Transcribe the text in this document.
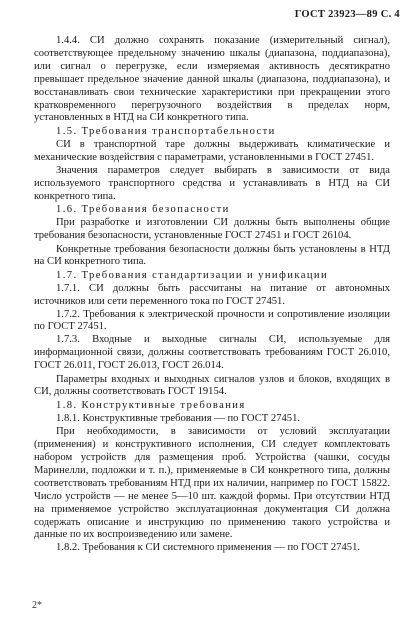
ГОСТ 23923—89 С. 4

1.4.4. СИ должно сохранять показание (измерительный сигнал), соответствующее предельному значению шкалы (диапазона, поддиапазона), или сигнал о перегрузке, если измеряемая активность десятикратно превышает предельное значение данной шкалы (диапазона, поддиапазона), и восстанавливать свои технические характеристики при прекращении этого кратковременного перегрузочного воздействия в пределах норм, установленных в НТД на СИ конкретного типа.

1.5. Требования транспортабельности

СИ в транспортной таре должны выдерживать климатические и механические воздействия с параметрами, установленными в ГОСТ 27451.

Значения параметров следует выбирать в зависимости от вида используемого транспортного средства и устанавливать в НТД на СИ конкретного типа.

1.6. Требования безопасности

При разработке и изготовлении СИ должны быть выполнены общие требования безопасности, установленные ГОСТ 27451 и ГОСТ 26104.

Конкретные требования безопасности должны быть установлены в НТД на СИ конкретного типа.

1.7. Требования стандартизации и унификации

1.7.1. СИ должны быть рассчитаны на питание от автономных источников или сети переменного тока по ГОСТ 27451.

1.7.2. Требования к электрической прочности и сопротивление изоляции по ГОСТ 27451.

1.7.3. Входные и выходные сигналы СИ, используемые для информационной связи, должны соответствовать требованиям ГОСТ 26.010, ГОСТ 26.011, ГОСТ 26.013, ГОСТ 26.014.

Параметры входных и выходных сигналов узлов и блоков, входящих в СИ, должны соответствовать ГОСТ 19154.

1.8. Конструктивные требования

1.8.1. Конструктивные требования — по ГОСТ 27451.

При необходимости, в зависимости от условий эксплуатации (применения) и конструктивного исполнения, СИ следует комплектовать набором устройств для размещения проб. Устройства (чашки, сосуды Маринелли, подложки и т. п.), применяемые в СИ конкретного типа, должны соответствовать требованиям НТД при их наличии, например по ГОСТ 15822. Число устройств — не менее 5—10 шт. каждой формы. При отсутствии НТД на применяемое устройство эксплуатационная документация СИ должна содержать описание и инструкцию по применению такого устройства и данные по их воспроизведению или замене.

1.8.2. Требования к СИ системного применения — по ГОСТ 27451.

2*
